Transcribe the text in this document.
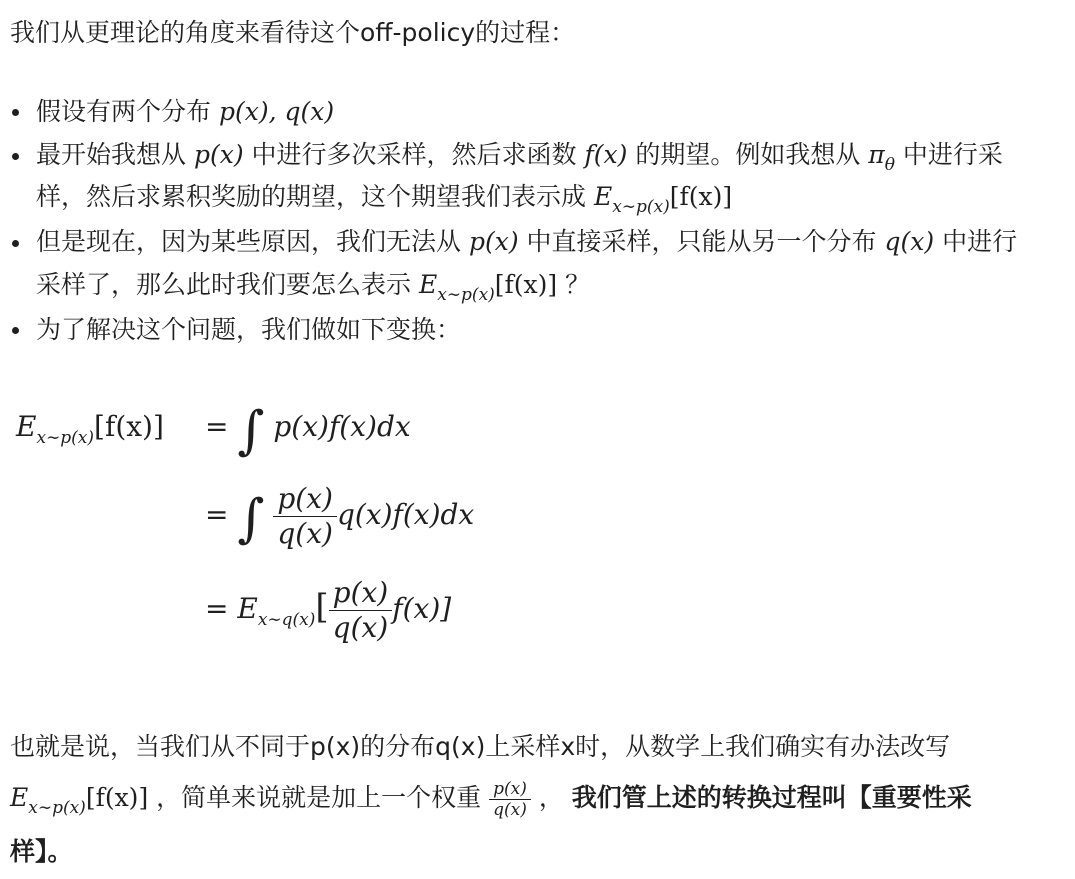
我们从更理论的角度来看待这个off-policy的过程：
假设有两个分布 p(x), q(x)
最开始我想从 p(x) 中进行多次采样，然后求函数 f(x) 的期望。例如我想从 $\pi_\theta$ 中进行采
样，然后求累积奖励的期望，这个期望我们表示成 $E_{x\sim p(x)}[f(x)]$
但是现在，因为某些原因，我们无法从 p(x) 中直接采样，只能从另一个分布 q(x) 中进行
采样了，那么此时我们要怎么表示 $E_{x\sim p(x)}[f(x)]$ ？
为了解决这个问题，我们做如下变换：
$E_{x\sim p(x)}[f(x)]$ = ∫ p(x)f(x)dx
= ∫ $\frac{p(x)}{q(x)} q(x)f(x)dx$
= $E_{x\sim q(x)}[ \frac{p(x)}{q(x)} f(x)]$
也就是说，当我们从不同于p(x)的分布q(x)上采样x时，从数学上我们确实有办法改写
$E_{x\sim p(x)}[f(x)]$ ，简单来说就是加上一个权重 $\frac{p(x)}{q(x)}$ ， 我们管上述的转换过程叫【重要性采
样】。
